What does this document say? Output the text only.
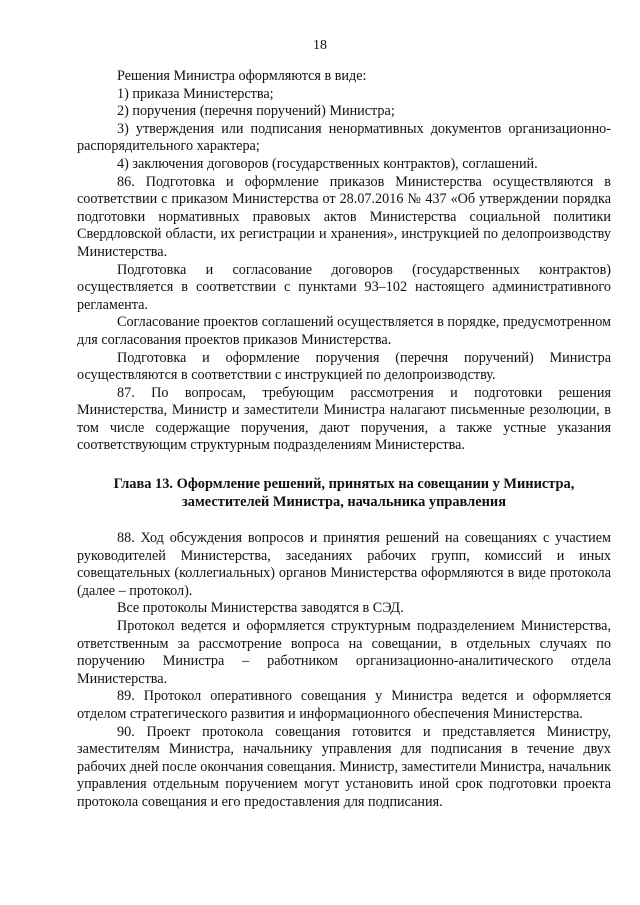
18

Решения Министра оформляются в виде:

1) приказа Министерства;

2) поручения (перечня поручений) Министра;

3) утверждения или подписания ненормативных документов организационно-распорядительного характера;

4) заключения договоров (государственных контрактов), соглашений.

86. Подготовка и оформление приказов Министерства осуществляются в соответствии с приказом Министерства от 28.07.2016 № 437 «Об утверждении порядка подготовки нормативных правовых актов Министерства социальной политики Свердловской области, их регистрации и хранения», инструкцией по делопроизводству Министерства.

Подготовка и согласование договоров (государственных контрактов) осуществляется в соответствии с пунктами 93–102 настоящего административного регламента.

Согласование проектов соглашений осуществляется в порядке, предусмотренном для согласования проектов приказов Министерства.

Подготовка и оформление поручения (перечня поручений) Министра осуществляются в соответствии с инструкцией по делопроизводству.

87. По вопросам, требующим рассмотрения и подготовки решения Министерства, Министр и заместители Министра налагают письменные резолюции, в том числе содержащие поручения, дают поручения, а также устные указания соответствующим структурным подразделениям Министерства.

Глава 13. Оформление решений, принятых на совещании у Министра, заместителей Министра, начальника управления

88. Ход обсуждения вопросов и принятия решений на совещаниях с участием руководителей Министерства, заседаниях рабочих групп, комиссий и иных совещательных (коллегиальных) органов Министерства оформляются в виде протокола (далее – протокол).

Все протоколы Министерства заводятся в СЭД.

Протокол ведется и оформляется структурным подразделением Министерства, ответственным за рассмотрение вопроса на совещании, в отдельных случаях по поручению Министра – работником организационно-аналитического отдела Министерства.

89. Протокол оперативного совещания у Министра ведется и оформляется отделом стратегического развития и информационного обеспечения Министерства.

90. Проект протокола совещания готовится и представляется Министру, заместителям Министра, начальнику управления для подписания в течение двух рабочих дней после окончания совещания. Министр, заместители Министра, начальник управления отдельным поручением могут установить иной срок подготовки проекта протокола совещания и его предоставления для подписания.
